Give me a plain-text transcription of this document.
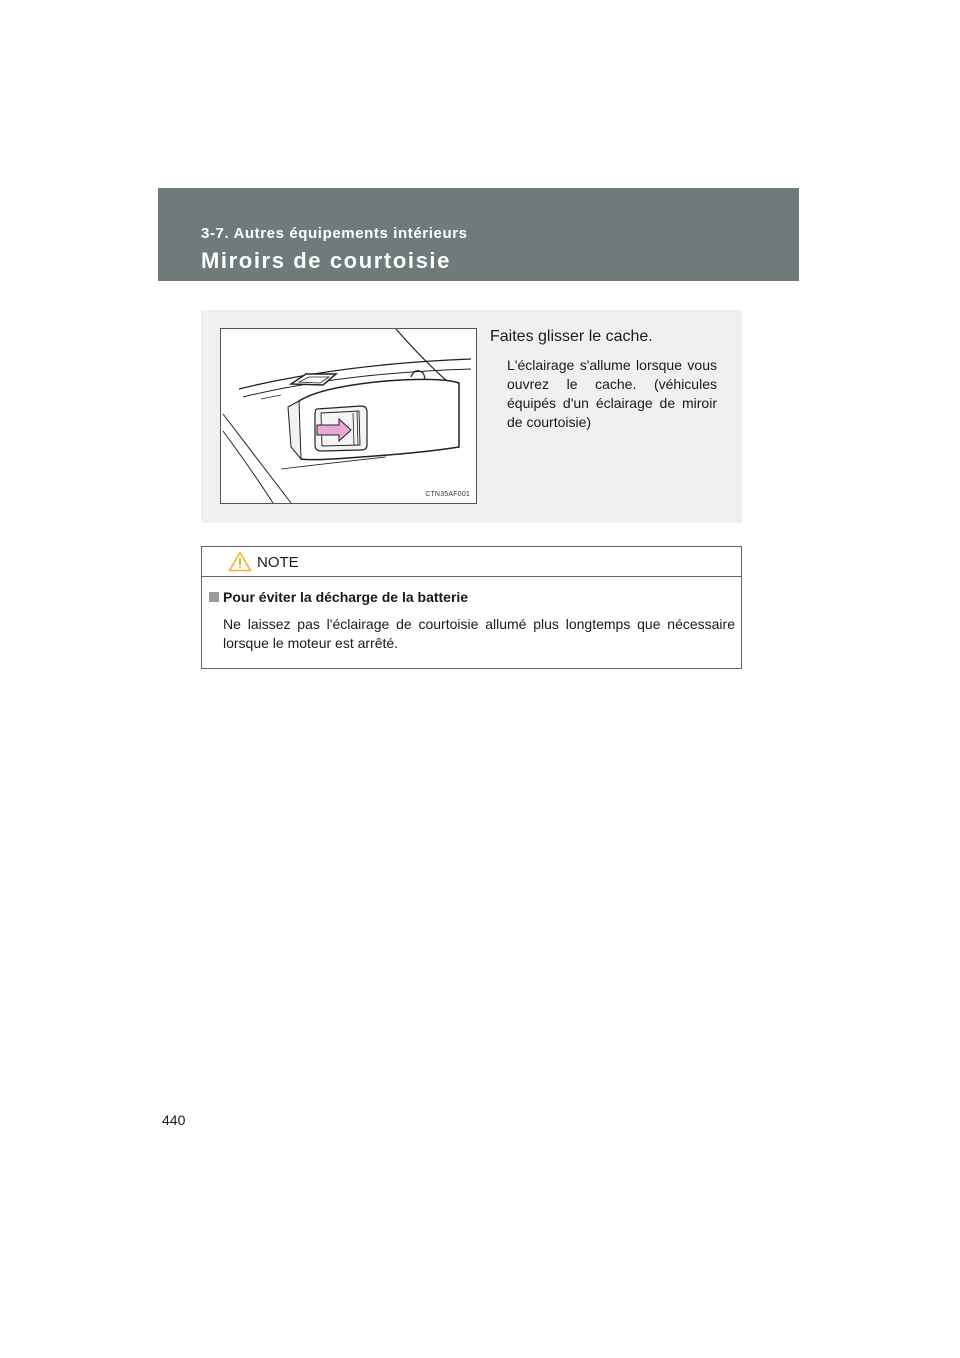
3-7. Autres équipements intérieurs
Miroirs de courtoisie
CTN35AF001
Faites glisser le cache.
L'éclairage s'allume lorsque vous ouvrez le cache. (véhicules équipés d'un éclairage de miroir de courtoisie)
NOTE
Pour éviter la décharge de la batterie
Ne laissez pas l'éclairage de courtoisie allumé plus longtemps que nécessaire lorsque le moteur est arrêté.
440
